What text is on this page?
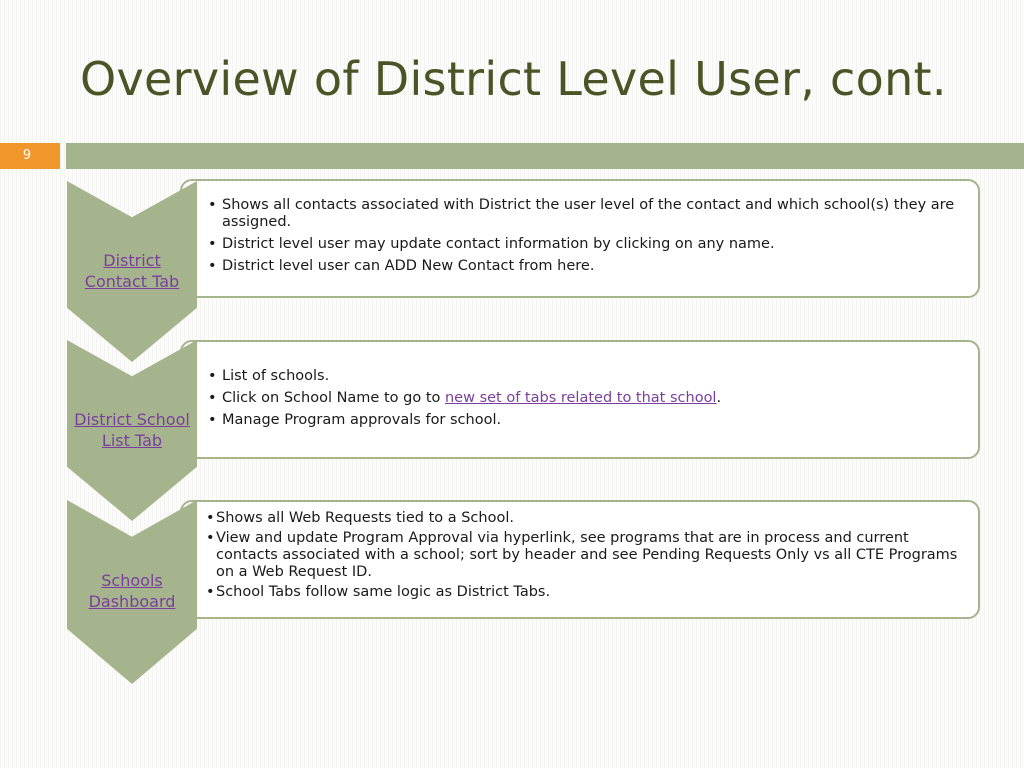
Overview of District Level User, cont.
9
• Shows all contacts associated with District the user level of the contact and which school(s) they are assigned.
• District level user may update contact information by clicking on any name.
• District level user can ADD New Contact from here.
District
Contact Tab
• List of schools.
• Click on School Name to go to new set of tabs related to that school.
• Manage Program approvals for school.
District School
List Tab
• Shows all Web Requests tied to a School.
• View and update Program Approval via hyperlink, see programs that are in process and current contacts associated with a school; sort by header and see Pending Requests Only vs all CTE Programs on a Web Request ID.
• School Tabs follow same logic as District Tabs.
Schools
Dashboard
